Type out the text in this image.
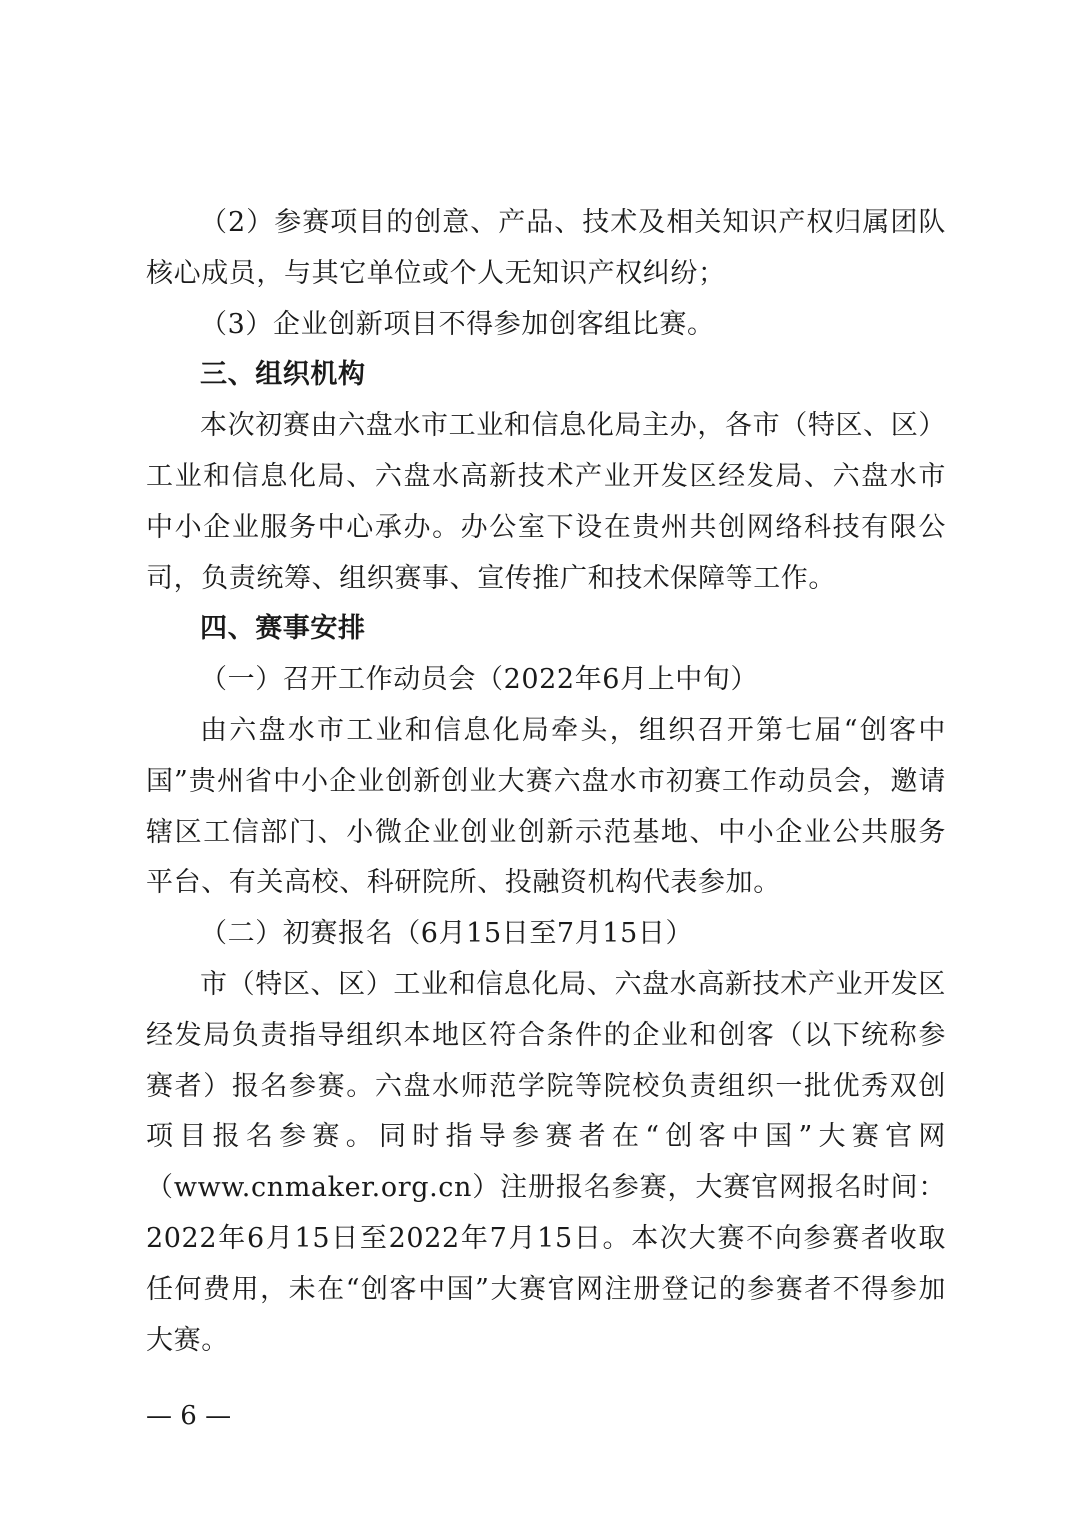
（2）参赛项目的创意、产品、技术及相关知识产权归属团队核心成员，与其它单位或个人无知识产权纠纷；

（3）企业创新项目不得参加创客组比赛。

三、组织机构

本次初赛由六盘水市工业和信息化局主办，各市（特区、区）工业和信息化局、六盘水高新技术产业开发区经发局、六盘水市中小企业服务中心承办。办公室下设在贵州共创网络科技有限公司，负责统筹、组织赛事、宣传推广和技术保障等工作。

四、赛事安排

（一）召开工作动员会（2022年6月上中旬）

由六盘水市工业和信息化局牵头，组织召开第七届“创客中国”贵州省中小企业创新创业大赛六盘水市初赛工作动员会，邀请辖区工信部门、小微企业创业创新示范基地、中小企业公共服务平台、有关高校、科研院所、投融资机构代表参加。

（二）初赛报名（6月15日至7月15日）

市（特区、区）工业和信息化局、六盘水高新技术产业开发区经发局负责指导组织本地区符合条件的企业和创客（以下统称参赛者）报名参赛。六盘水师范学院等院校负责组织一批优秀双创项目报名参赛。同时指导参赛者在“创客中国”大赛官网（www.cnmaker.org.cn）注册报名参赛，大赛官网报名时间：2022年6月15日至2022年7月15日。本次大赛不向参赛者收取任何费用，未在“创客中国”大赛官网注册登记的参赛者不得参加大赛。

— 6 —
